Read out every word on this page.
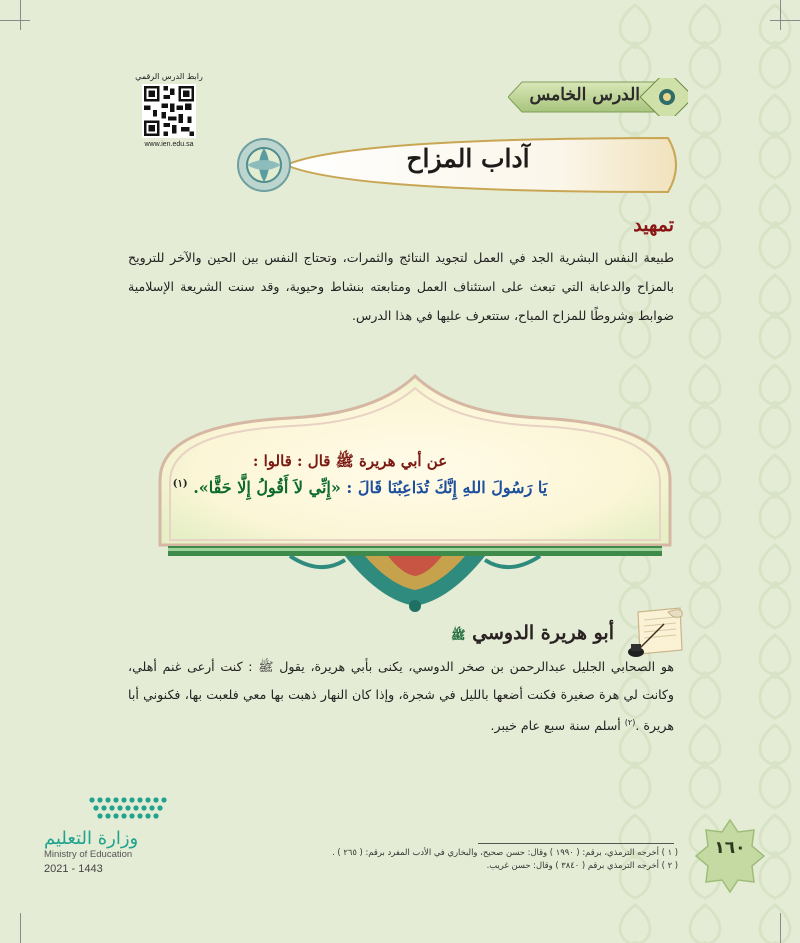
رابط الدرس الرقمي
www.ien.edu.sa
الدرس الخامس
آداب المزاح
تمهيد

طبيعة النفس البشرية الجد في العمل لتجويد النتائج والثمرات، وتحتاج النفس بين الحين والآخر للترويح بالمزاح والدعابة التي تبعث على استئناف العمل ومتابعته بنشاط وحيوية، وقد سنت الشريعة الإسلامية ضوابط وشروطًا للمزاح المباح، ستتعرف عليها في هذا الدرس.

عن أبي هريرة ﷺ قال : قالوا :
يَا رَسُولَ اللهِ إِنَّكَ تُدَاعِبُنَا قَالَ : «إِنِّي لاَ أَقُولُ إِلَّا حَقًّا». $^{(١)}$
أبو هريرة الدوسي ﷺ

هو الصحابي الجليل عبدالرحمن بن صخر الدوسي، يكنى بأبي هريرة، يقول ﷺ : كنت أرعى غنم أهلي، وكانت لي هرة صغيرة فكنت أضعها بالليل في شجرة، وإذا كان النهار ذهبت بها معي فلعبت بها، فكنوني أبا هريرة .$^{(٢)}$ أسلم سنة سبع عام خيبر.

وزارة التعليم
Ministry of Education
2021 - 1443
( ١ ) أخرجه الترمذي، برقم: ( ١٩٩٠ ) وقال: حسن صحيح، والبخاري في الأدب المفرد برقم: ( ٢٦٥ ) .
( ٢ ) أخرجه الترمذي برقم ( ٣٨٤٠ ) وقال: حسن غريب.
١٦٠
